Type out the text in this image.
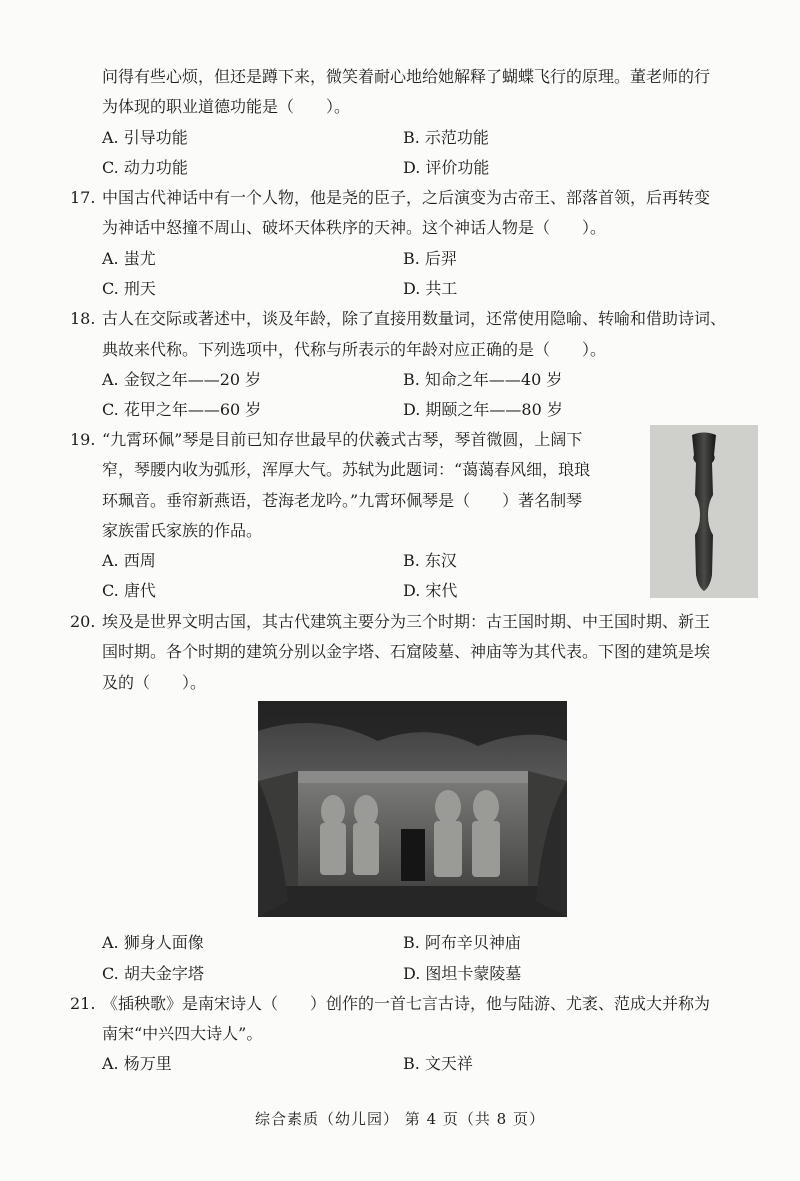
问得有些心烦，但还是蹲下来，微笑着耐心地给她解释了蝴蝶飞行的原理。董老师的行
为体现的职业道德功能是（　　）。
A. 引导功能	B. 示范功能
C. 动力功能	D. 评价功能
17. 中国古代神话中有一个人物，他是尧的臣子，之后演变为古帝王、部落首领，后再转变
为神话中怒撞不周山、破坏天体秩序的天神。这个神话人物是（　　）。
A. 蚩尤	B. 后羿
C. 刑天	D. 共工
18. 古人在交际或著述中，谈及年龄，除了直接用数量词，还常使用隐喻、转喻和借助诗词、
典故来代称。下列选项中，代称与所表示的年龄对应正确的是（　　）。
A. 金钗之年——20 岁	B. 知命之年——40 岁
C. 花甲之年——60 岁	D. 期颐之年——80 岁
19. “九霄环佩”琴是目前已知存世最早的伏羲式古琴，琴首微圆，上阔下
窄，琴腰内收为弧形，浑厚大气。苏轼为此题词：“蔼蔼春风细，琅琅
环珮音。垂帘新燕语，苍海老龙吟。”九霄环佩琴是（　　）著名制琴
家族雷氏家族的作品。
A. 西周	B. 东汉
C. 唐代	D. 宋代
20. 埃及是世界文明古国，其古代建筑主要分为三个时期：古王国时期、中王国时期、新王
国时期。各个时期的建筑分别以金字塔、石窟陵墓、神庙等为其代表。下图的建筑是埃
及的（　　）。
A. 狮身人面像	B. 阿布辛贝神庙
C. 胡夫金字塔	D. 图坦卡蒙陵墓
21. 《插秧歌》是南宋诗人（　　）创作的一首七言古诗，他与陆游、尤袤、范成大并称为
南宋“中兴四大诗人”。
A. 杨万里	B. 文天祥
综合素质（幼儿园） 第 4 页（共 8 页）
